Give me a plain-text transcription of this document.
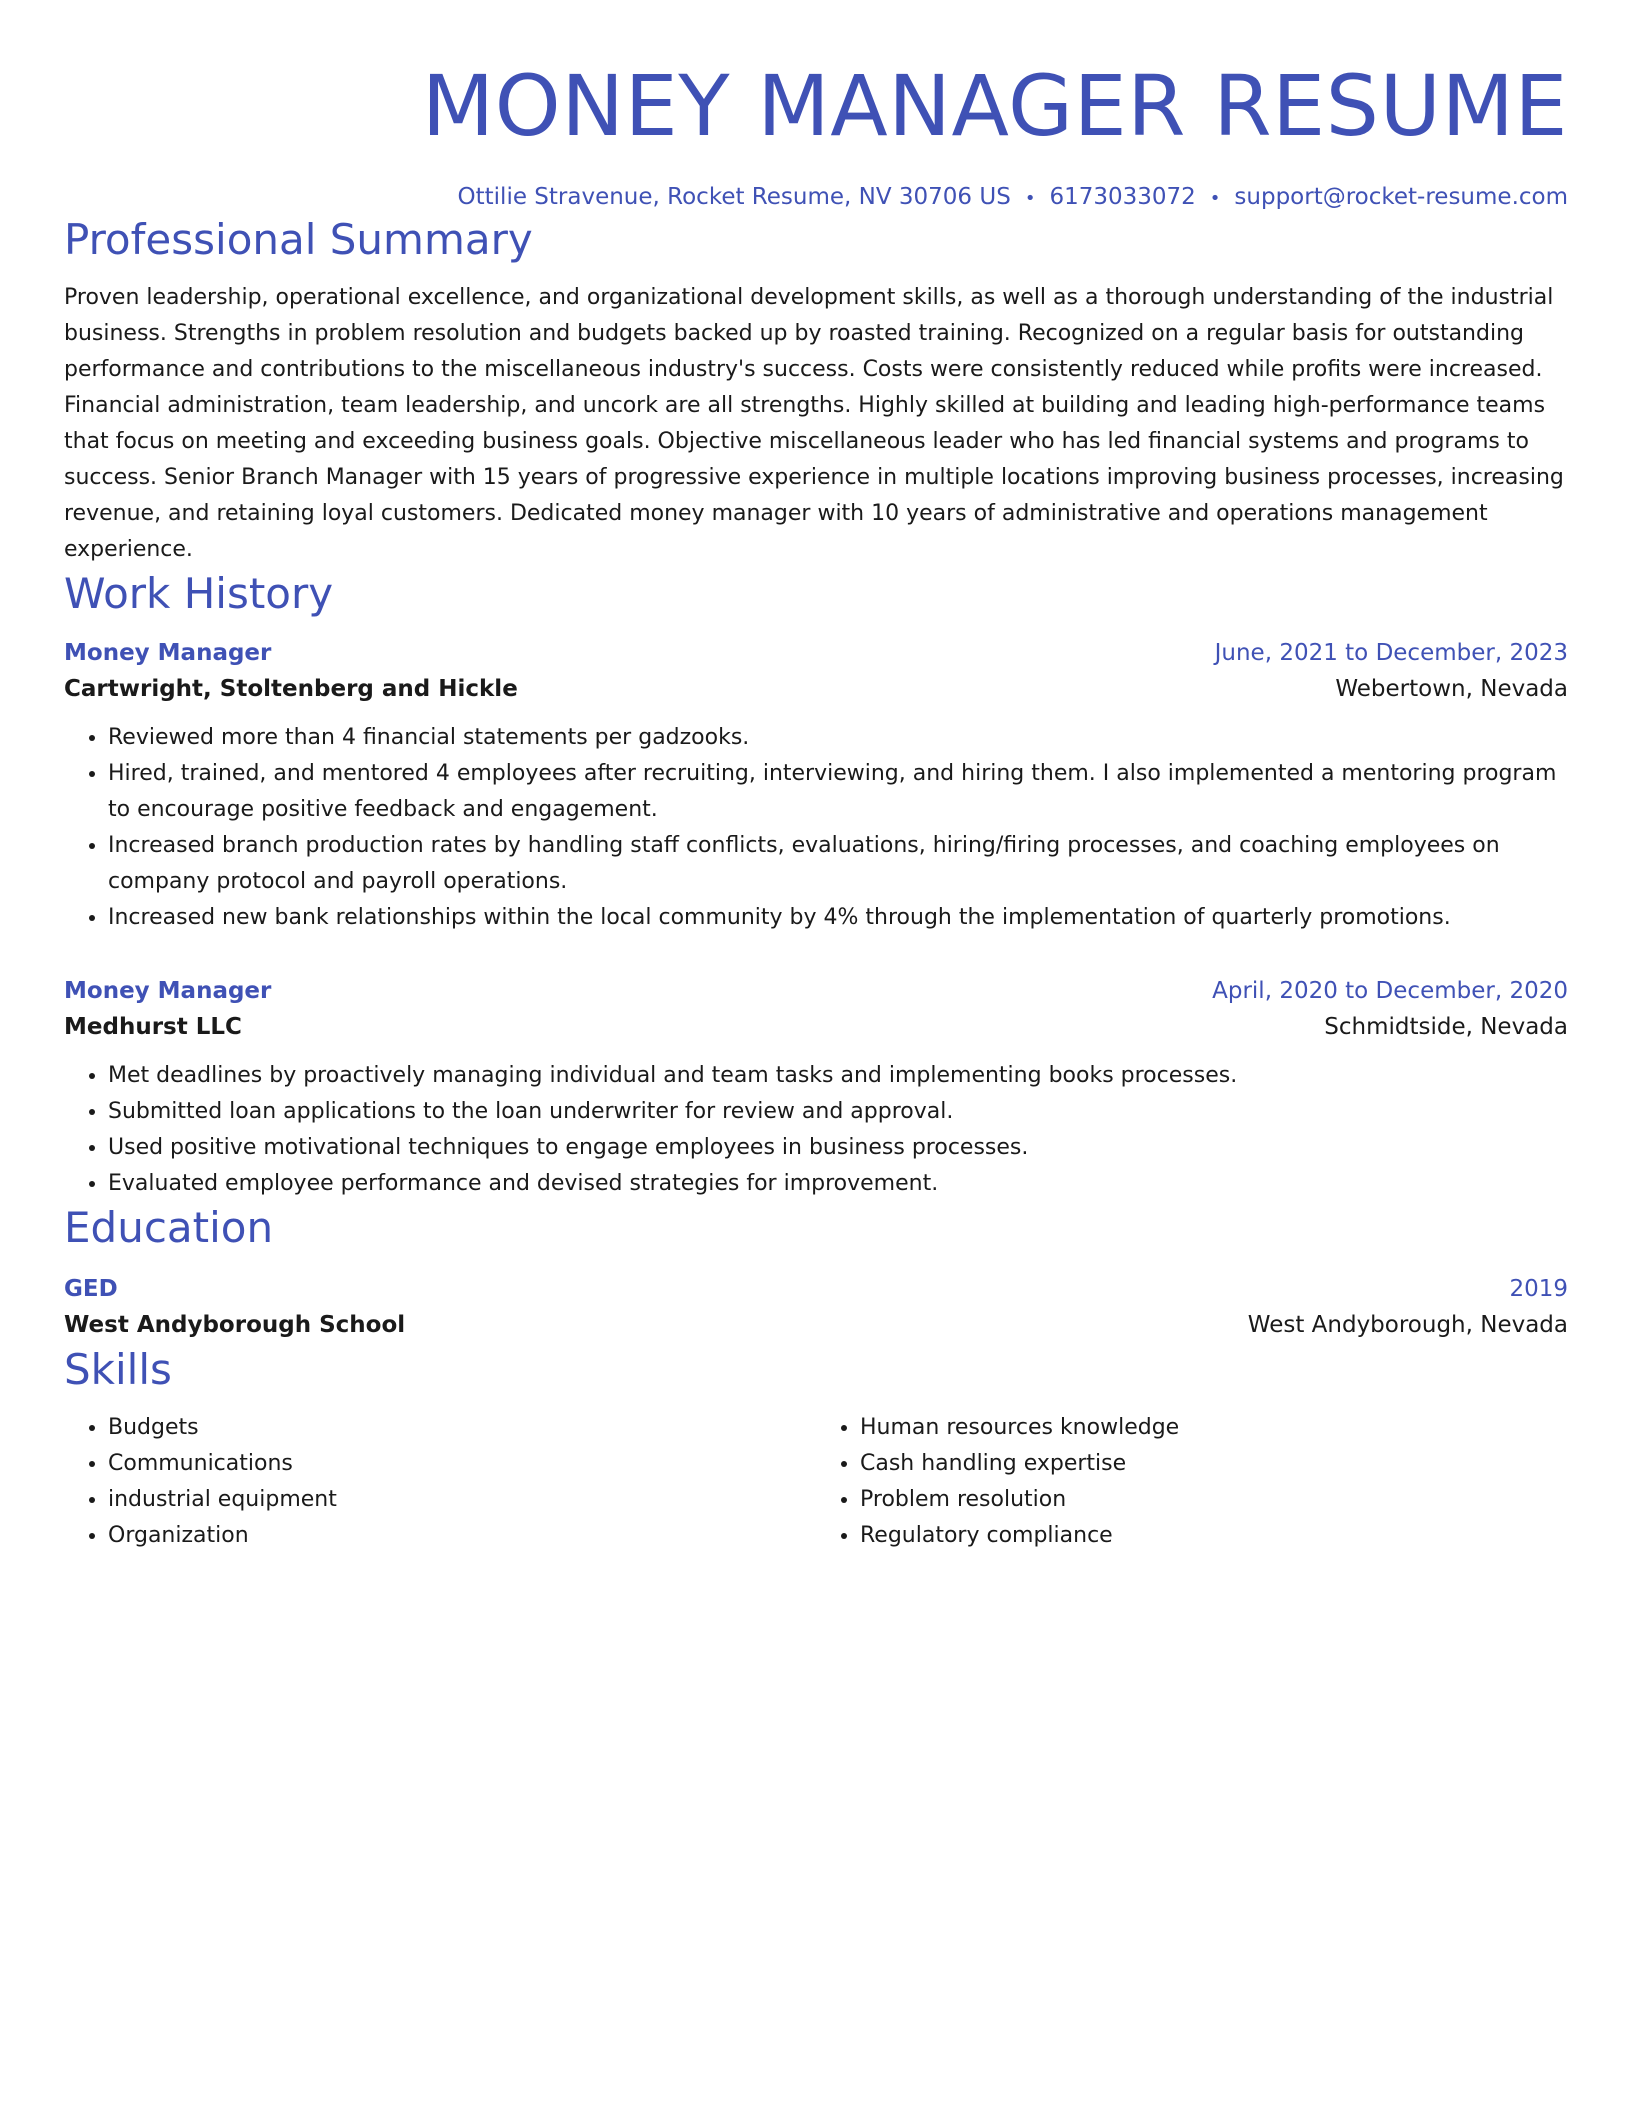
MONEY MANAGER RESUME
Ottilie Stravenue, Rocket Resume, NV 30706 US • 6173033072 • support@rocket-resume.com
Professional Summary

Proven leadership, operational excellence, and organizational development skills, as well as a thorough understanding of the industrial business. Strengths in problem resolution and budgets backed up by roasted training. Recognized on a regular basis for outstanding performance and contributions to the miscellaneous industry's success. Costs were consistently reduced while profits were increased. Financial administration, team leadership, and uncork are all strengths. Highly skilled at building and leading high-performance teams that focus on meeting and exceeding business goals. Objective miscellaneous leader who has led financial systems and programs to success. Senior Branch Manager with 15 years of progressive experience in multiple locations improving business processes, increasing revenue, and retaining loyal customers. Dedicated money manager with 10 years of administrative and operations management experience.

Work History
Money Manager	June, 2021 to December, 2023
Cartwright, Stoltenberg and Hickle	Webertown, Nevada
• Reviewed more than 4 financial statements per gadzooks.
• Hired, trained, and mentored 4 employees after recruiting, interviewing, and hiring them. I also implemented a mentoring program to encourage positive feedback and engagement.
• Increased branch production rates by handling staff conflicts, evaluations, hiring/firing processes, and coaching employees on company protocol and payroll operations.
• Increased new bank relationships within the local community by 4% through the implementation of quarterly promotions.
Money Manager	April, 2020 to December, 2020
Medhurst LLC	Schmidtside, Nevada
• Met deadlines by proactively managing individual and team tasks and implementing books processes.
• Submitted loan applications to the loan underwriter for review and approval.
• Used positive motivational techniques to engage employees in business processes.
• Evaluated employee performance and devised strategies for improvement.
Education
GED	2019
West Andyborough School	West Andyborough, Nevada
Skills
• Budgets
• Communications
• industrial equipment
• Organization
• Human resources knowledge
• Cash handling expertise
• Problem resolution
• Regulatory compliance
